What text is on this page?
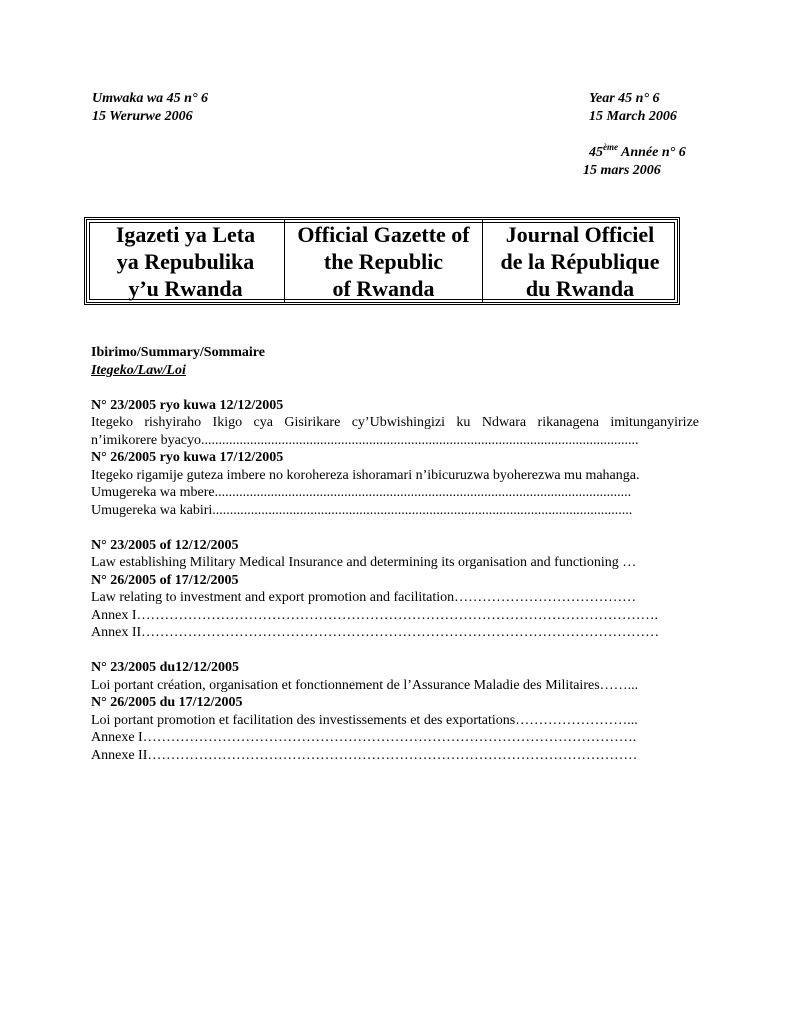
Umwaka wa 45 n° 6
15 Werurwe 2006
Year 45 n° 6
15 March 2006
45ème Année n° 6
15 mars 2006
Igazeti ya Leta
ya Repubulika
y’u Rwanda
Official Gazette of
the Republic
of Rwanda
Journal Officiel
de la République
du Rwanda
Ibirimo/Summary/Sommaire
Itegeko/Law/Loi
N° 23/2005 ryo kuwa 12/12/2005
Itegeko rishyiraho Ikigo cya Gisirikare cy’Ubwishingizi ku Ndwara rikanagena imitunganyirize
n’imikorere byacyo.............................................................................................................................
N° 26/2005 ryo kuwa 17/12/2005
Itegeko rigamije guteza imbere no korohereza ishoramari n’ibicuruzwa byoherezwa mu mahanga.
Umugereka wa mbere.......................................................................................................................
Umugereka wa kabiri........................................................................................................................
N° 23/2005 of 12/12/2005
Law establishing Military Medical Insurance and determining its organisation and functioning …
N° 26/2005 of 17/12/2005
Law relating to investment and export promotion and facilitation…………………………………
Annex I………………………………………………………………………………………………….
Annex II…………………………………………………………………………………………………
N° 23/2005 du12/12/2005
Loi portant création, organisation et fonctionnement de l’Assurance Maladie des Militaires……...
N° 26/2005 du 17/12/2005
Loi portant promotion et facilitation des investissements et des exportations……………………...
Annexe I…………………………………………………………………………………………….
Annexe II……………………………………………………………………………………………
